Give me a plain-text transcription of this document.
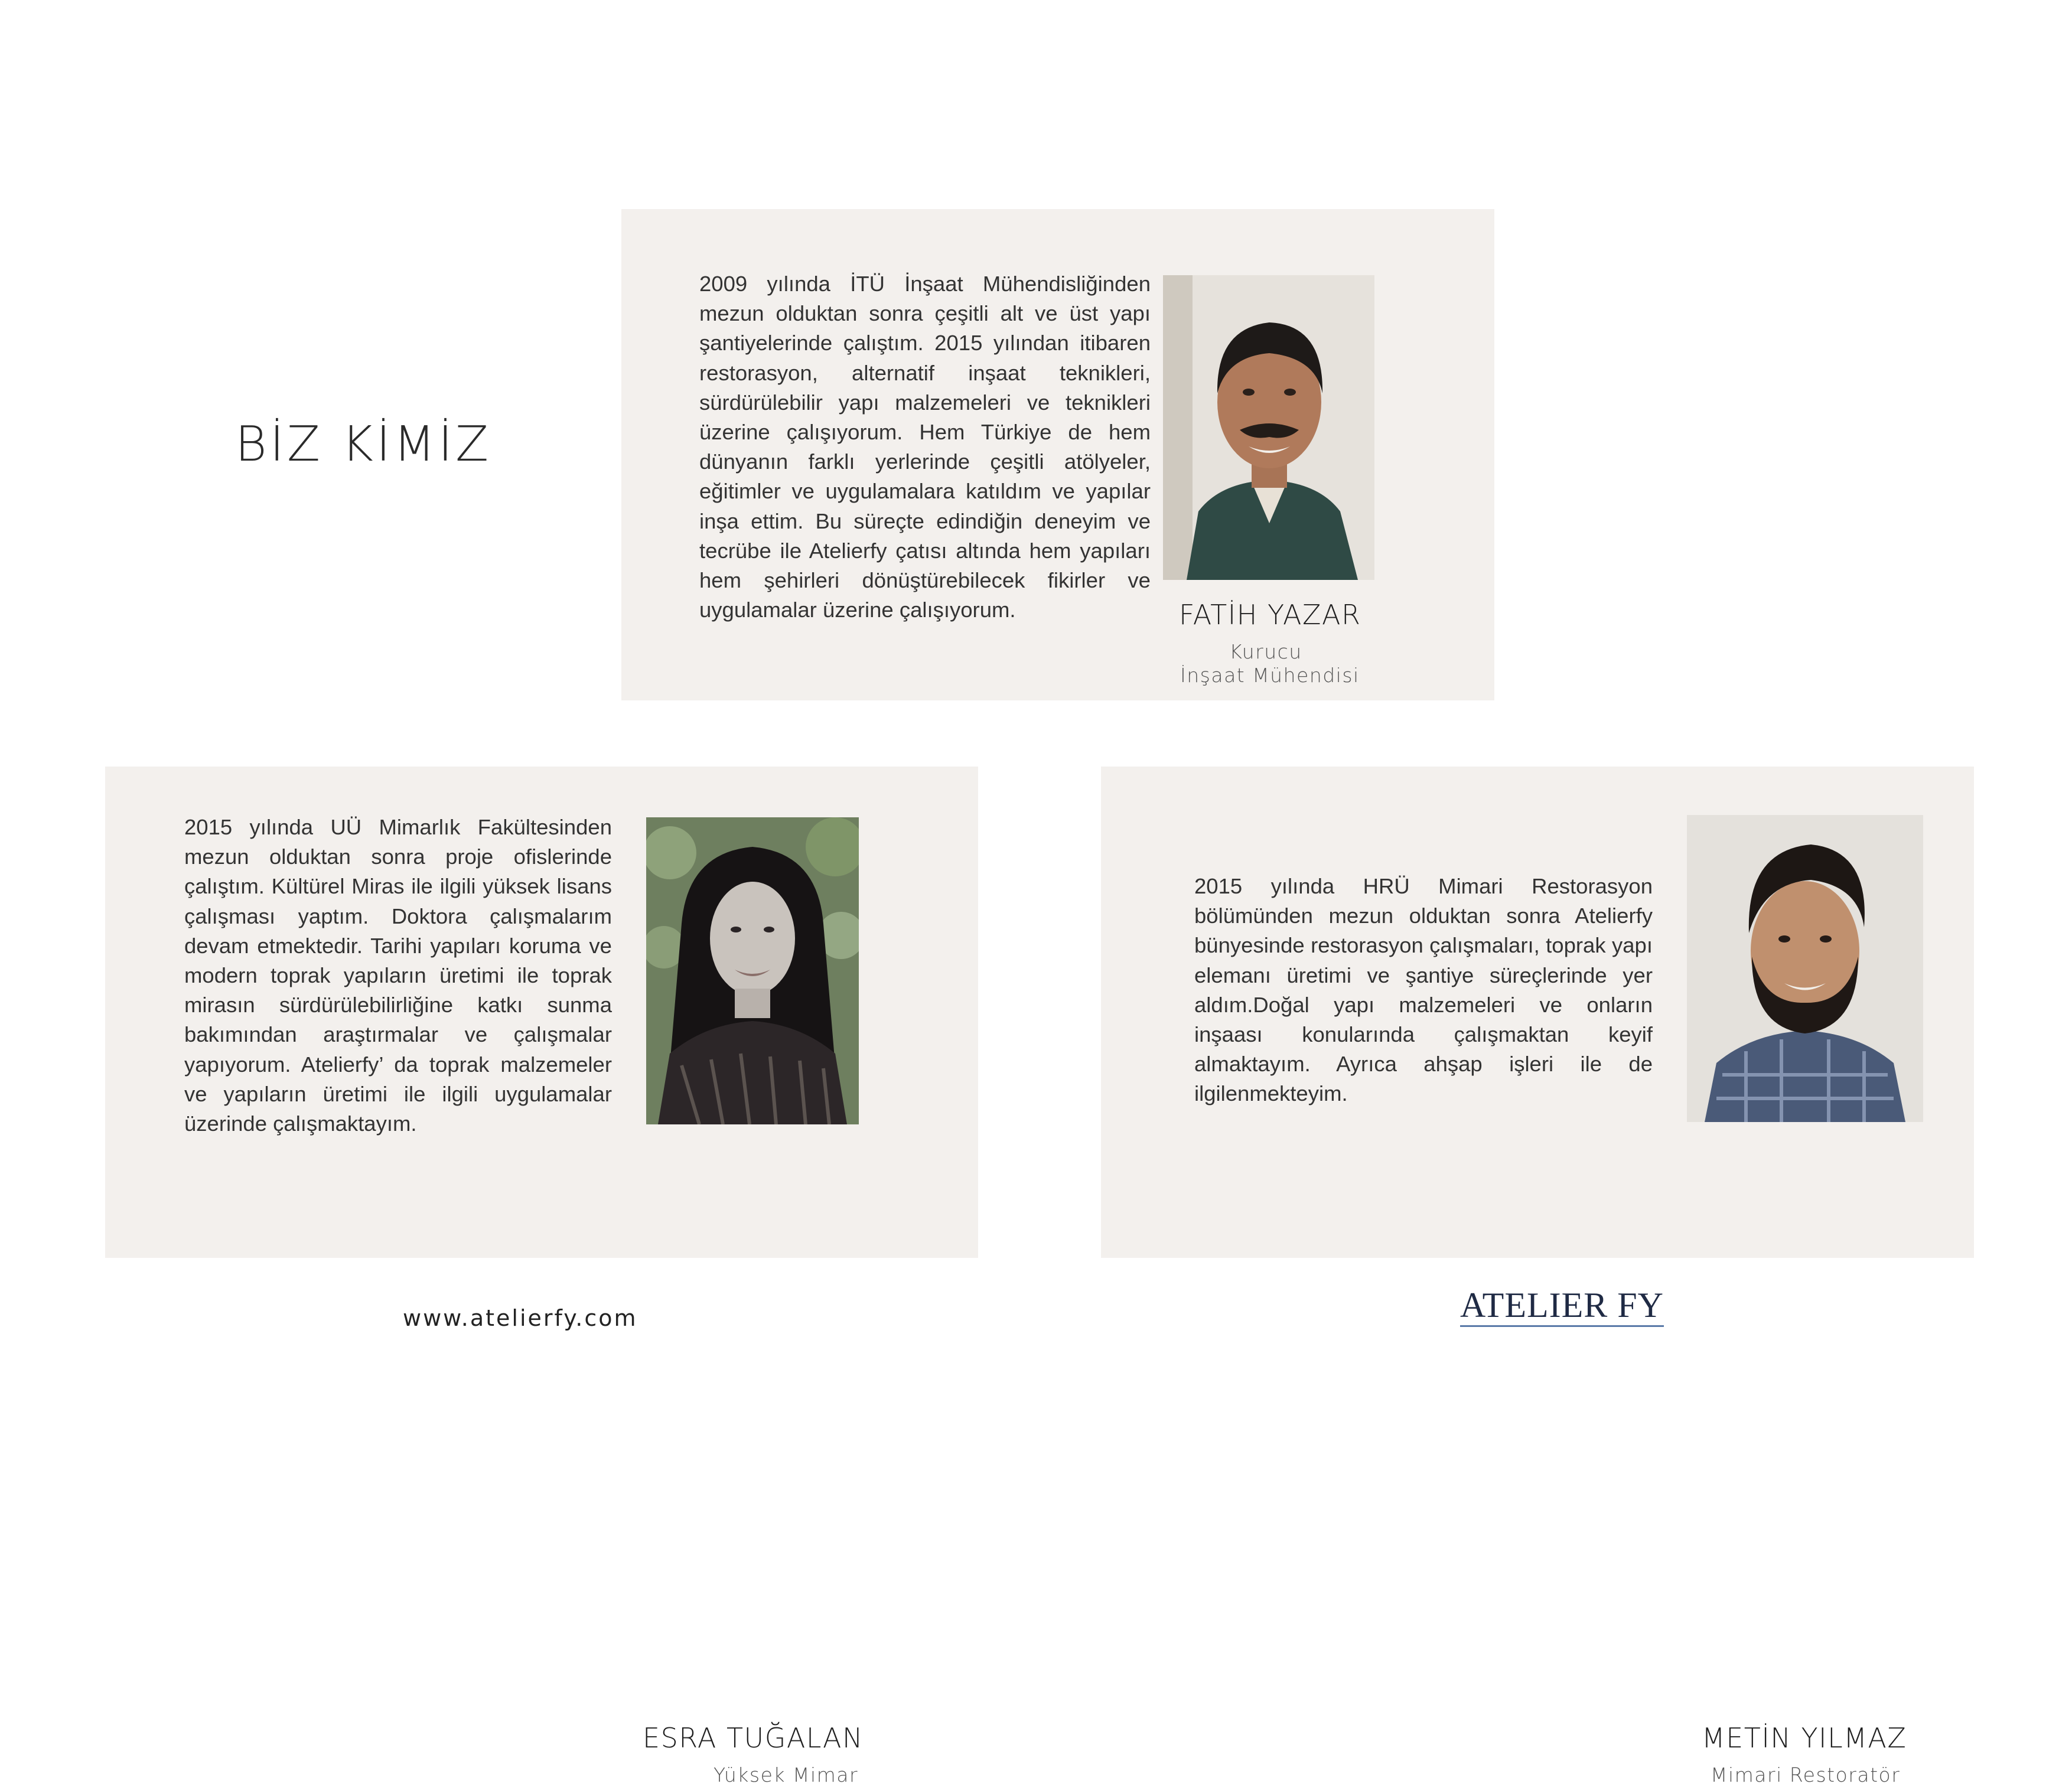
BİZ KİMİZ

2009 yılında İTÜ İnşaat Mühendisliğinden mezun olduktan sonra çeşitli alt ve üst yapı şantiyelerinde çalıştım. 2015 yılından itibaren restorasyon, alternatif inşaat teknikleri, sürdürülebilir yapı malzemeleri ve teknikleri üzerine çalışıyorum. Hem Türkiye de hem dünyanın farklı yerlerinde çeşitli atölyeler, eğitimler ve uygulamalara katıldım ve yapılar inşa ettim. Bu süreçte edindiğin deneyim ve tecrübe ile Atelierfy çatısı altında hem yapıları hem şehirleri dönüştürebilecek fikirler ve uygulamalar üzerine çalışıyorum.	FATİH YAZAR

Kurucu

İnşaat Mühendisi

2015 yılında UÜ Mimarlık Fakültesinden mezun olduktan sonra proje ofislerinde çalıştım. Kültürel Miras ile ilgili yüksek lisans çalışması yaptım. Doktora çalışmalarım devam etmektedir. Tarihi yapıları koruma ve modern toprak yapıların üretimi ile toprak mirasın sürdürülebilirliğine katkı sunma bakımından araştırmalar ve çalışmalar yapıyorum. Atelierfy’ da toprak malzemeler ve yapıların üretimi ile ilgili uygulamalar üzerinde çalışmaktayım.

ESRA TUĞALAN

Yüksek Mimar

2015 yılında HRÜ Mimari Restorasyon bölümünden mezun olduktan sonra Atelierfy bünyesinde restorasyon çalışmaları, toprak yapı elemanı üretimi ve şantiye süreçlerinde yer aldım.Doğal yapı malzemeleri ve onların inşaası konularında çalışmaktan keyif almaktayım. Ayrıca ahşap işleri ile de ilgilenmekteyim.

METİN YILMAZ

Mimari Restoratör

www.atelierfy.com	ATELIER FY
